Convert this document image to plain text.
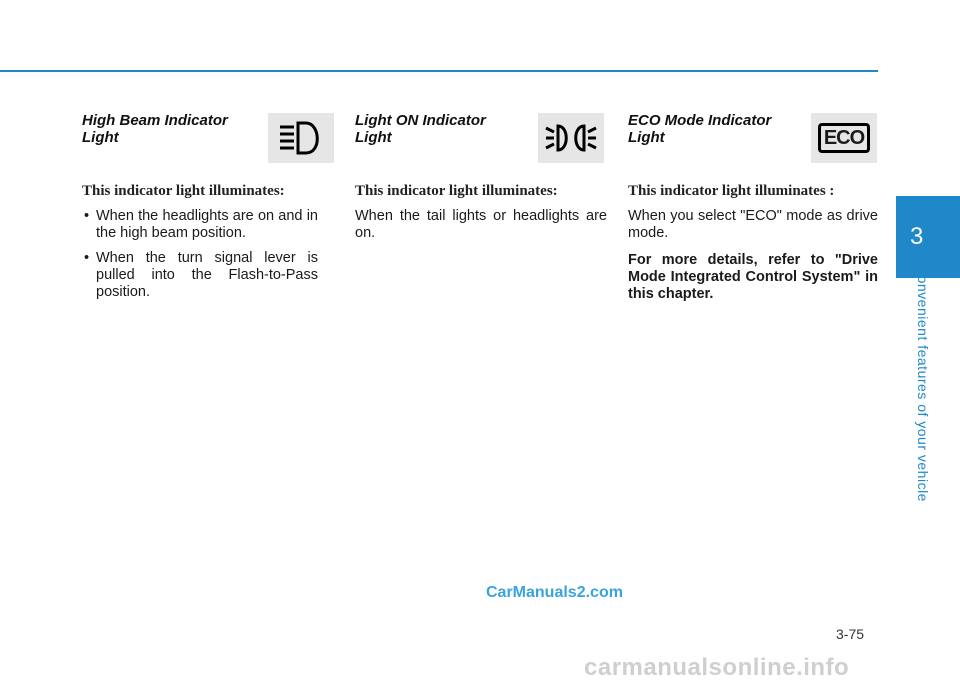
High Beam Indicator Light
This indicator light illuminates:
• When the headlights are on and in the high beam position.
• When the turn signal lever is pulled into the Flash-to-Pass position.
Light ON Indicator Light
This indicator light illuminates:

When the tail lights or headlights are on.

ECO Mode Indicator Light	ECO
This indicator light illuminates :

When you select "ECO" mode as drive mode.

For more details, refer to "Drive Mode Integrated Control System" in this chapter.

3
Convenient features of your vehicle
3-75
CarManuals2.com
carmanualsonline.info
